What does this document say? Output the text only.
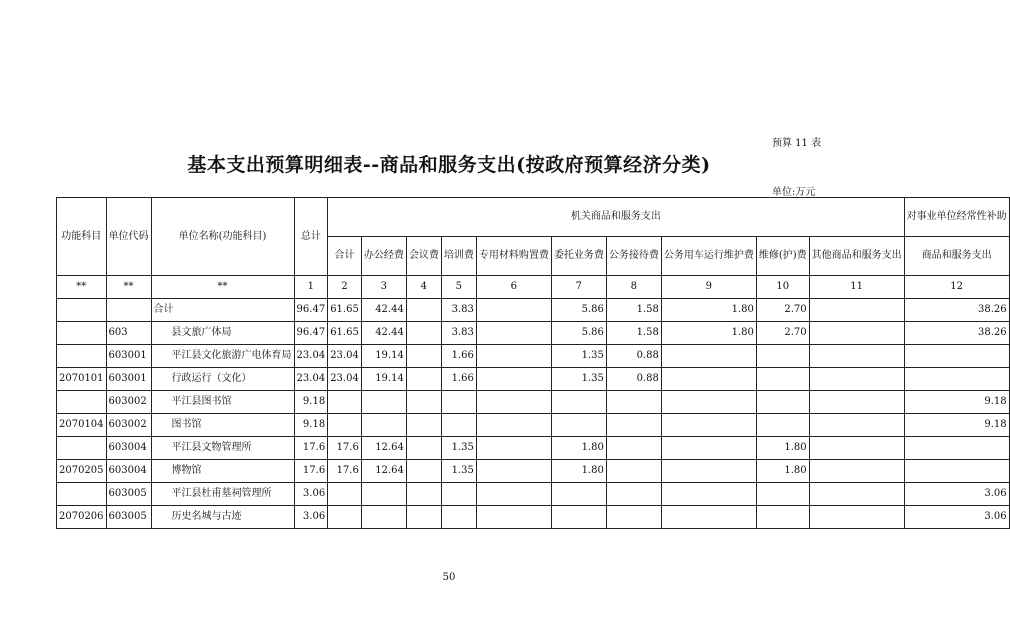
预算 11 表
基本支出预算明细表--商品和服务支出(按政府预算经济分类)
单位:万元
功能科目	单位代码	单位名称(功能科目)	总计	机关商品和服务支出										对事业单位经常性补助
				合计	办公经费	会议费	培训费	专用材料购置费	委托业务费	公务接待费	公务用车运行维护费	维修(护)费	其他商品和服务支出	商品和服务支出
**	**	**	1	2	3	4	5	6	7	8	9	10	11	12
		合计	96.47	61.65	42.44		3.83		5.86	1.58	1.80	2.70		38.26
	603	县文旅广体局	96.47	61.65	42.44		3.83		5.86	1.58	1.80	2.70		38.26
	603001	平江县文化旅游广电体育局	23.04	23.04	19.14		1.66		1.35	0.88				
2070101	603001	行政运行（文化）	23.04	23.04	19.14		1.66		1.35	0.88				
	603002	平江县图书馆	9.18											9.18
2070104	603002	图书馆	9.18											9.18
	603004	平江县文物管理所	17.6	17.6	12.64		1.35		1.80			1.80		
2070205	603004	博物馆	17.6	17.6	12.64		1.35		1.80			1.80		
	603005	平江县杜甫墓祠管理所	3.06											3.06
2070206	603005	历史名城与古迹	3.06											3.06
50
